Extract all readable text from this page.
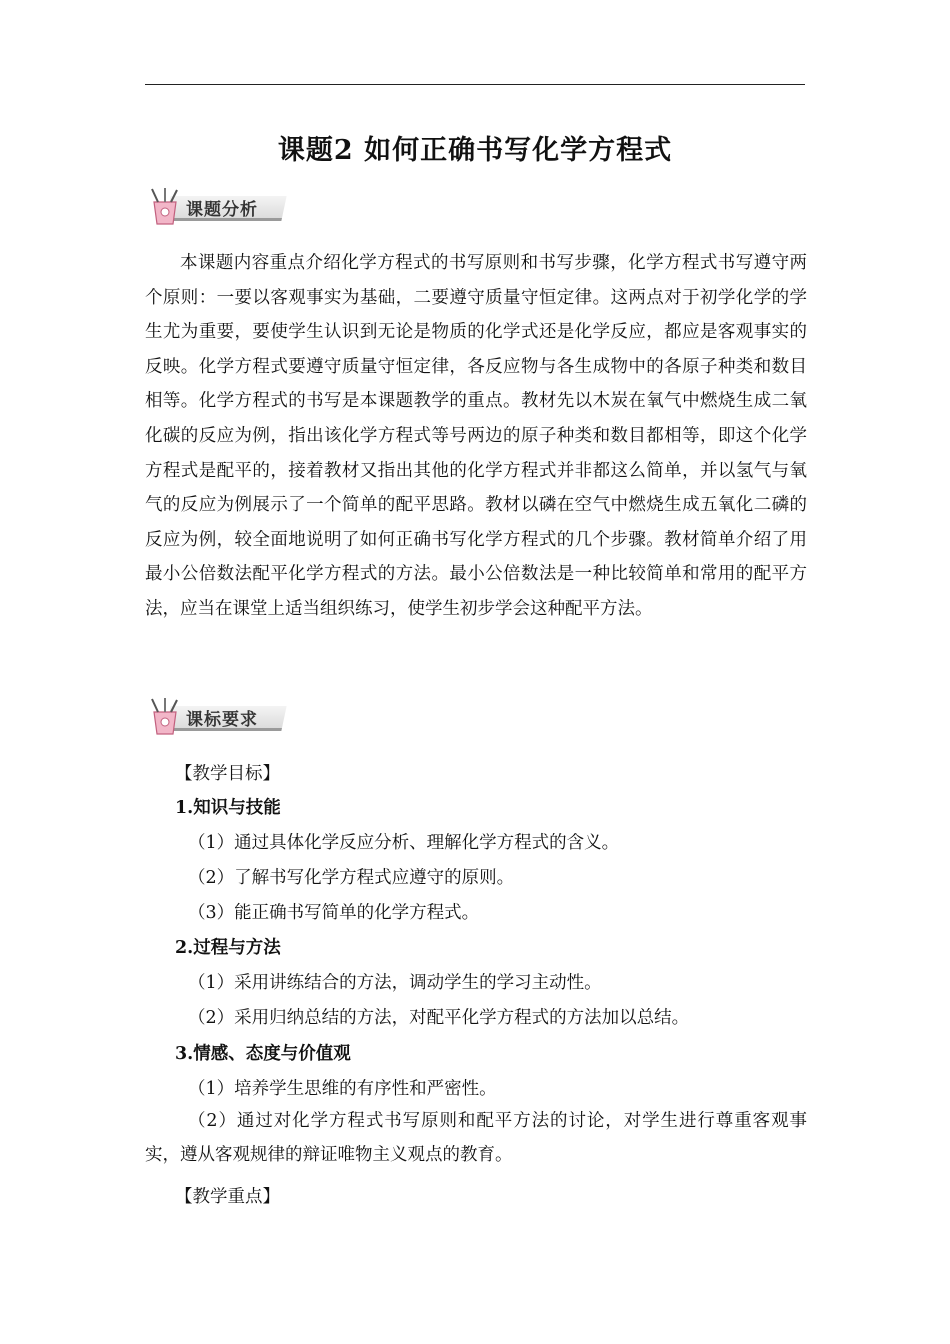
课题2 如何正确书写化学方程式
课题分析

本课题内容重点介绍化学方程式的书写原则和书写步骤，化学方程式书写遵守两个原则：一要以客观事实为基础，二要遵守质量守恒定律。这两点对于初学化学的学生尤为重要，要使学生认识到无论是物质的化学式还是化学反应，都应是客观事实的反映。化学方程式要遵守质量守恒定律，各反应物与各生成物中的各原子种类和数目相等。化学方程式的书写是本课题教学的重点。教材先以木炭在氧气中燃烧生成二氧化碳的反应为例，指出该化学方程式等号两边的原子种类和数目都相等，即这个化学方程式是配平的，接着教材又指出其他的化学方程式并非都这么简单，并以氢气与氧气的反应为例展示了一个简单的配平思路。教材以磷在空气中燃烧生成五氧化二磷的反应为例，较全面地说明了如何正确书写化学方程式的几个步骤。教材简单介绍了用最小公倍数法配平化学方程式的方法。最小公倍数法是一种比较简单和常用的配平方法，应当在课堂上适当组织练习，使学生初步学会这种配平方法。

课标要求
【教学目标】
1.知识与技能
（1）通过具体化学反应分析、理解化学方程式的含义。
（2）了解书写化学方程式应遵守的原则。
（3）能正确书写简单的化学方程式。
2.过程与方法
（1）采用讲练结合的方法，调动学生的学习主动性。
（2）采用归纳总结的方法，对配平化学方程式的方法加以总结。
3.情感、态度与价值观
（1）培养学生思维的有序性和严密性。

（2）通过对化学方程式书写原则和配平方法的讨论，对学生进行尊重客观事实，遵从客观规律的辩证唯物主义观点的教育。

【教学重点】
